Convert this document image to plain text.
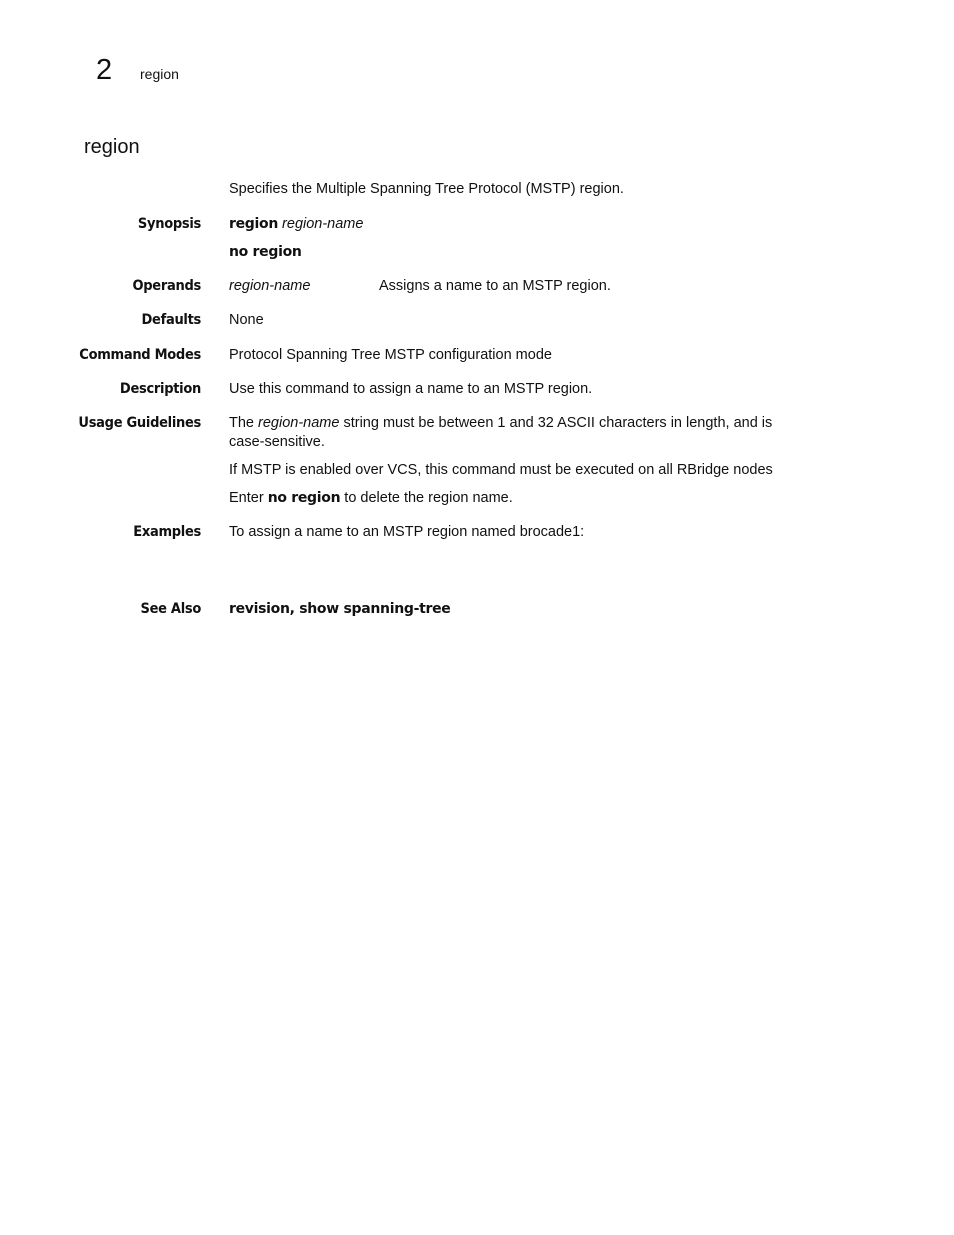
2 region
region
Specifies the Multiple Spanning Tree Protocol (MSTP) region.
Synopsis region region-name
no region
Operands region-name	Assigns a name to an MSTP region.
Defaults None
Command Modes Protocol Spanning Tree MSTP configuration mode
Description Use this command to assign a name to an MSTP region.
Usage Guidelines The region-name string must be between 1 and 32 ASCII characters in length, and is
case-sensitive.
If MSTP is enabled over VCS, this command must be executed on all RBridge nodes
Enter no region to delete the region name.
Examples To assign a name to an MSTP region named brocade1:
See Also revision, show spanning-tree
